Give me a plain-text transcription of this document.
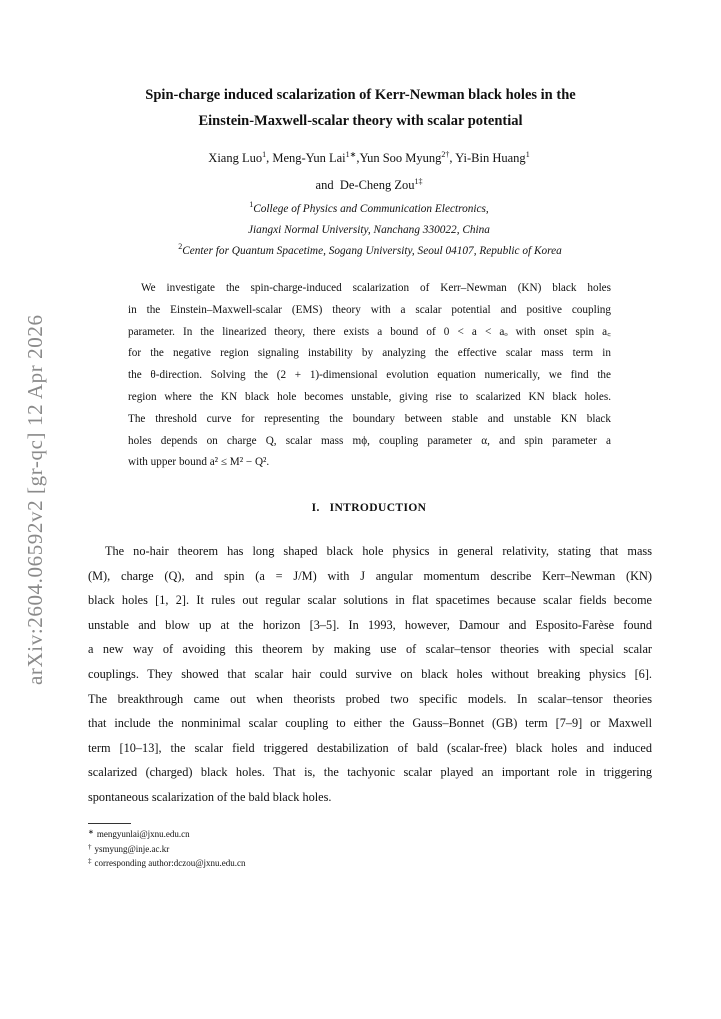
arXiv:2604.06592v2 [gr-qc] 12 Apr 2026
Spin-charge induced scalarization of Kerr-Newman black holes in the
Einstein-Maxwell-scalar theory with scalar potential
Xiang Luo$^1$, Meng-Yun Lai$^{1∗}$,Yun Soo Myung$^{2\dagger}$, Yi-Bin Huang$^1$
and De-Cheng Zou$^{1\ddagger}$
$^1$College of Physics and Communication Electronics,
Jiangxi Normal University, Nanchang 330022, China
$^2$Center for Quantum Spacetime, Sogang University, Seoul 04107, Republic of Korea
We investigate the spin-charge-induced scalarization of Kerr–Newman (KN) black holes
in the Einstein–Maxwell-scalar (EMS) theory with a scalar potential and positive coupling
parameter. In the linearized theory, there exists a bound of 0 < a < aₒ with onset spin a꜀
for the negative region signaling instability by analyzing the effective scalar mass term in
the θ-direction. Solving the (2 + 1)-dimensional evolution equation numerically, we find the
region where the KN black hole becomes unstable, giving rise to scalarized KN black holes.
The threshold curve for representing the boundary between stable and unstable KN black
holes depends on charge Q, scalar mass mϕ, coupling parameter α, and spin parameter a
with upper bound a² ≤ M² − Q².
I. INTRODUCTION
The no-hair theorem has long shaped black hole physics in general relativity, stating that mass
(M), charge (Q), and spin (a = J/M) with J angular momentum describe Kerr–Newman (KN)
black holes [1, 2]. It rules out regular scalar solutions in flat spacetimes because scalar fields become
unstable and blow up at the horizon [3–5]. In 1993, however, Damour and Esposito-Farèse found
a new way of avoiding this theorem by making use of scalar–tensor theories with special scalar
couplings. They showed that scalar hair could survive on black holes without breaking physics [6].
The breakthrough came out when theorists probed two specific models. In scalar–tensor theories
that include the nonminimal scalar coupling to either the Gauss–Bonnet (GB) term [7–9] or Maxwell
term [10–13], the scalar field triggered destabilization of bald (scalar-free) black holes and induced
scalarized (charged) black holes. That is, the tachyonic scalar played an important role in triggering
spontaneous scalarization of the bald black holes.
∗ mengyunlai@jxnu.edu.cn
† ysmyung@inje.ac.kr
‡ corresponding author:dczou@jxnu.edu.cn
